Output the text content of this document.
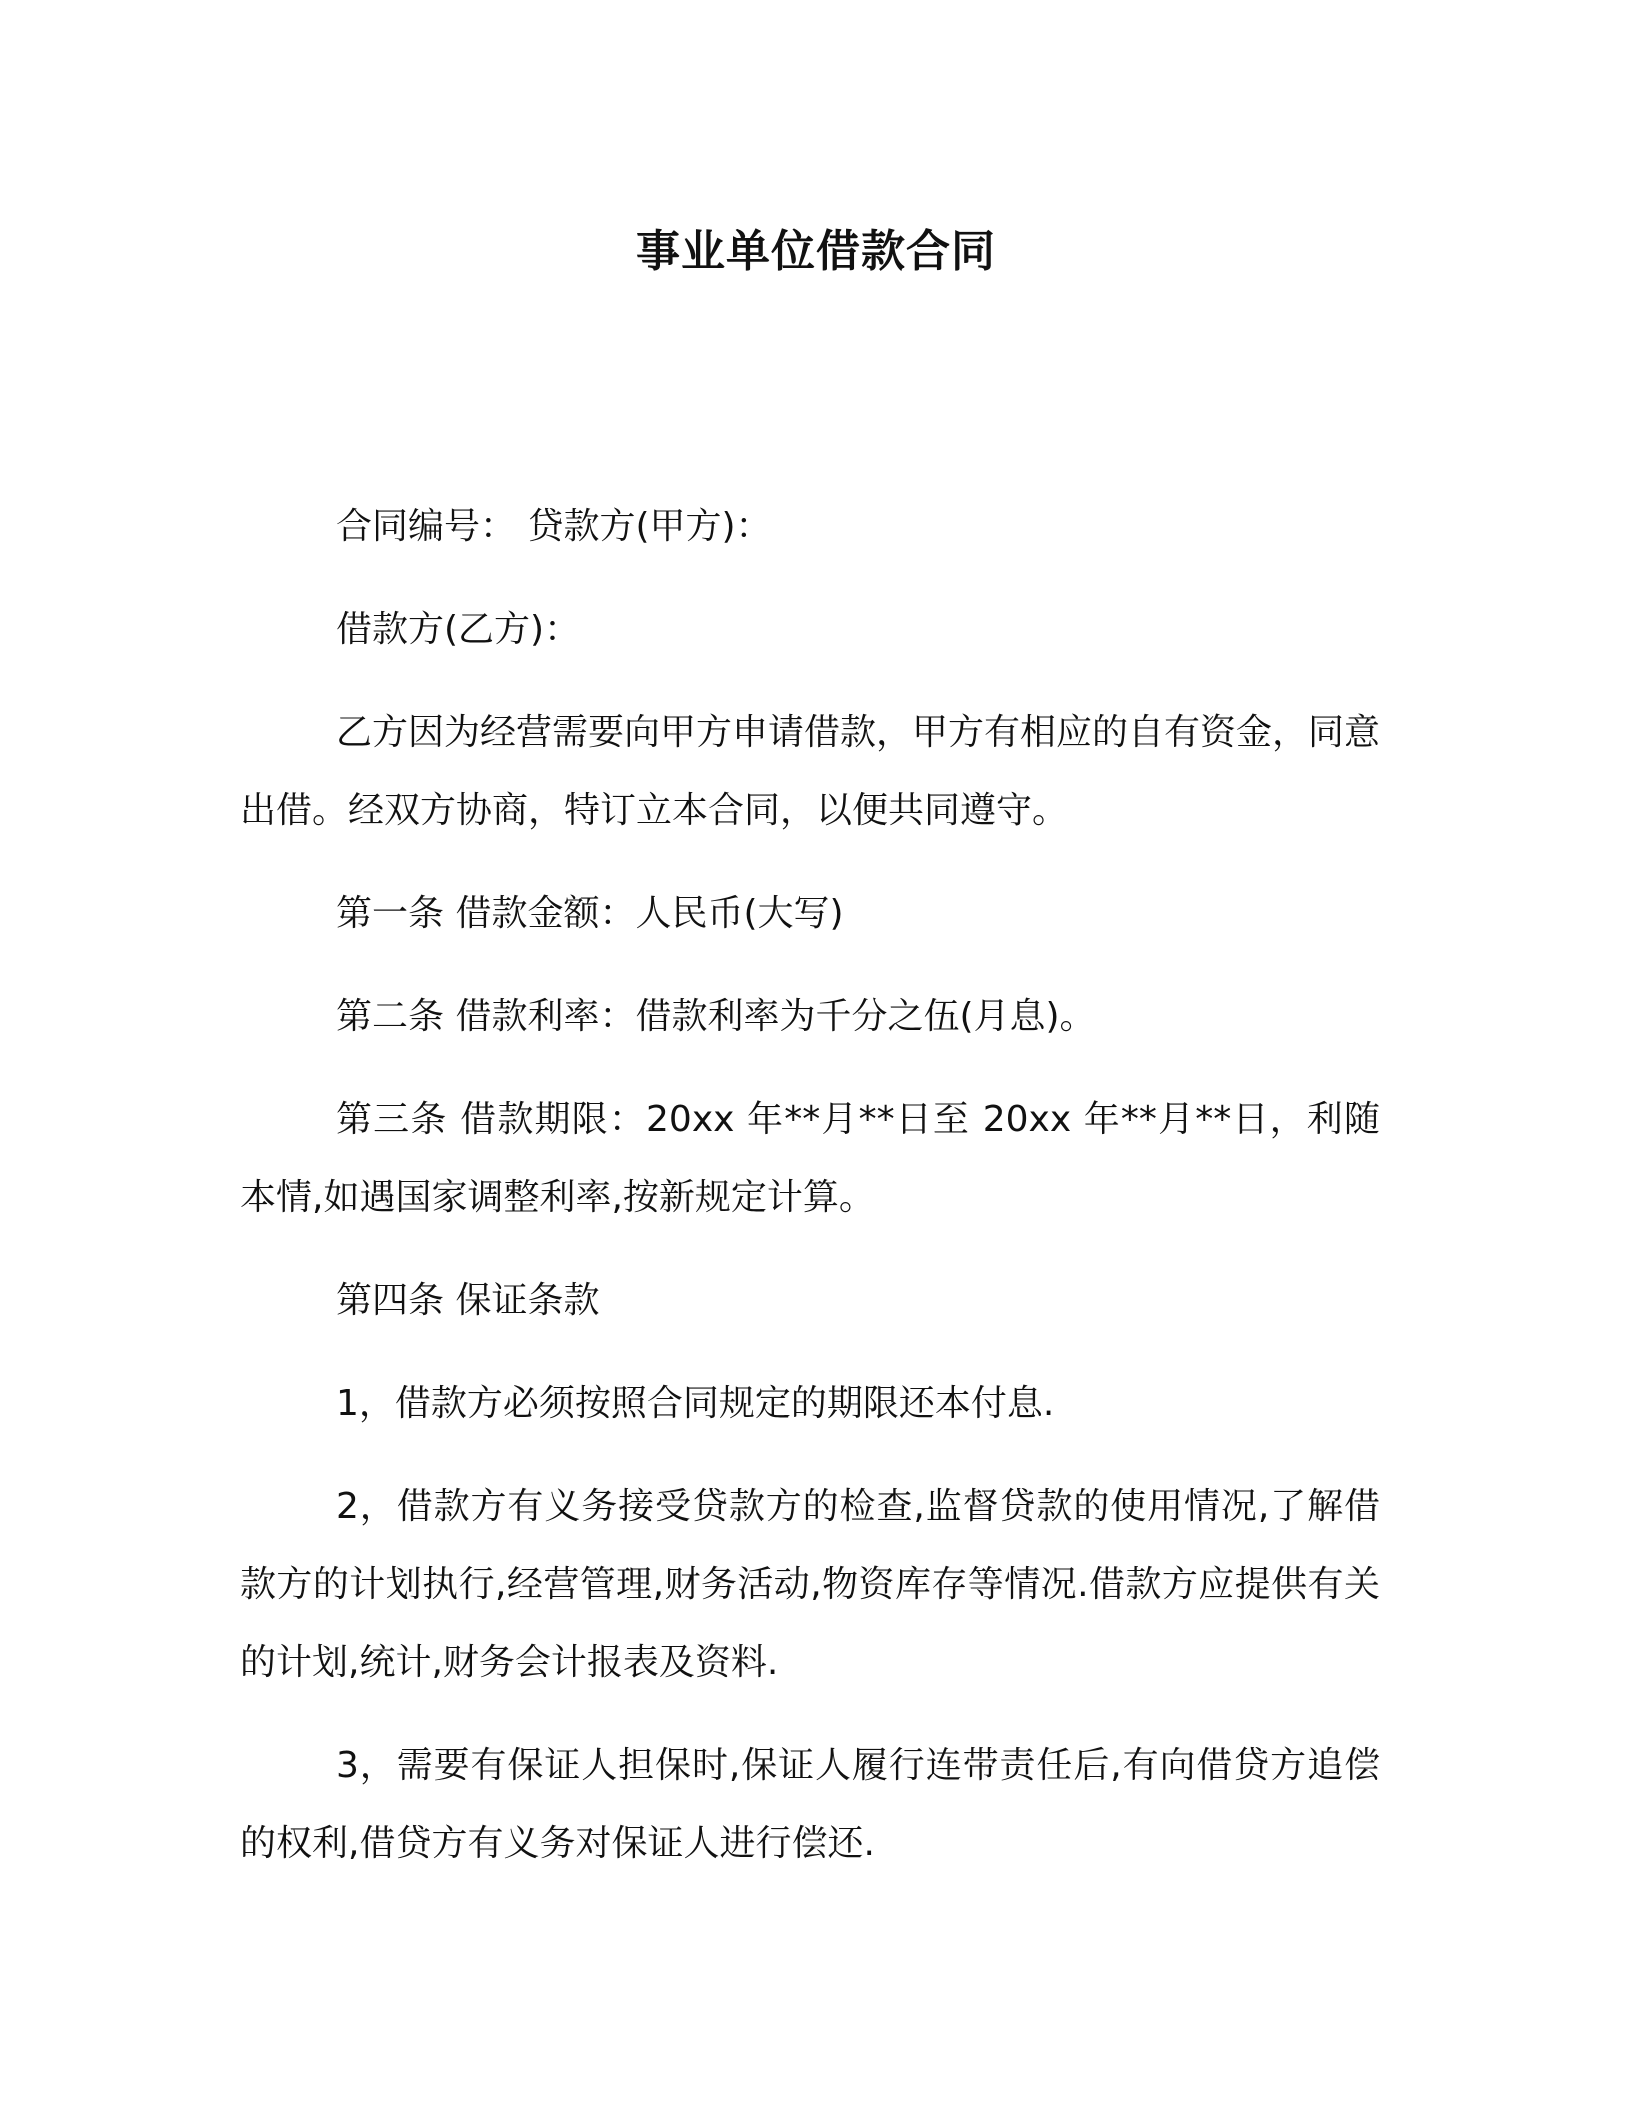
事业单位借款合同

合同编号： 贷款方(甲方)：

借款方(乙方)：

乙方因为经营需要向甲方申请借款，甲方有相应的自有资金，同意出借。经双方协商，特订立本合同，以便共同遵守。

第一条 借款金额：人民币(大写)

第二条 借款利率：借款利率为千分之伍(月息)。

第三条 借款期限：20xx 年**月**日至 20xx 年**月**日，利随本情,如遇国家调整利率,按新规定计算。

第四条 保证条款

1，借款方必须按照合同规定的期限还本付息.

2，借款方有义务接受贷款方的检查,监督贷款的使用情况,了解借款方的计划执行,经营管理,财务活动,物资库存等情况.借款方应提供有关的计划,统计,财务会计报表及资料.

3，需要有保证人担保时,保证人履行连带责任后,有向借贷方追偿的权利,借贷方有义务对保证人进行偿还.
